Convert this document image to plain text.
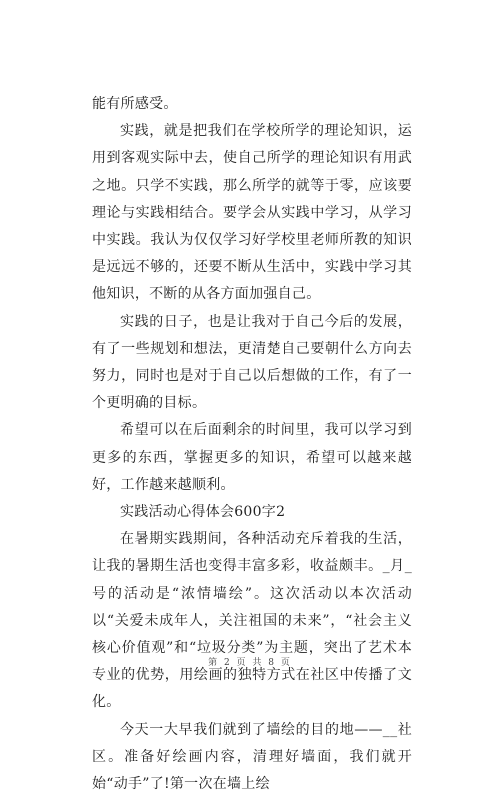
能有所感受。

实践，就是把我们在学校所学的理论知识，运用到客观实际中去，使自己所学的理论知识有用武之地。只学不实践，那么所学的就等于零，应该要理论与实践相结合。要学会从实践中学习，从学习中实践。我认为仅仅学习好学校里老师所教的知识是远远不够的，还要不断从生活中，实践中学习其他知识，不断的从各方面加强自己。

实践的日子，也是让我对于自己今后的发展，有了一些规划和想法，更清楚自己要朝什么方向去努力，同时也是对于自己以后想做的工作，有了一个更明确的目标。

希望可以在后面剩余的时间里，我可以学习到更多的东西，掌握更多的知识，希望可以越来越好，工作越来越顺利。

实践活动心得体会600字2

在暑期实践期间，各种活动充斥着我的生活，让我的暑期生活也变得丰富多彩，收益颇丰。_月_号的活动是“浓情墙绘”。这次活动以本次活动以“关爱未成年人，关注祖国的未来”，“社会主义核心价值观”和“垃圾分类”为主题，突出了艺术本专业的优势，用绘画的独特方式在社区中传播了文化。

今天一大早我们就到了墙绘的目的地——__社区。准备好绘画内容，清理好墙面，我们就开始“动手”了!第一次在墙上绘

第 2 页 共 8 页
